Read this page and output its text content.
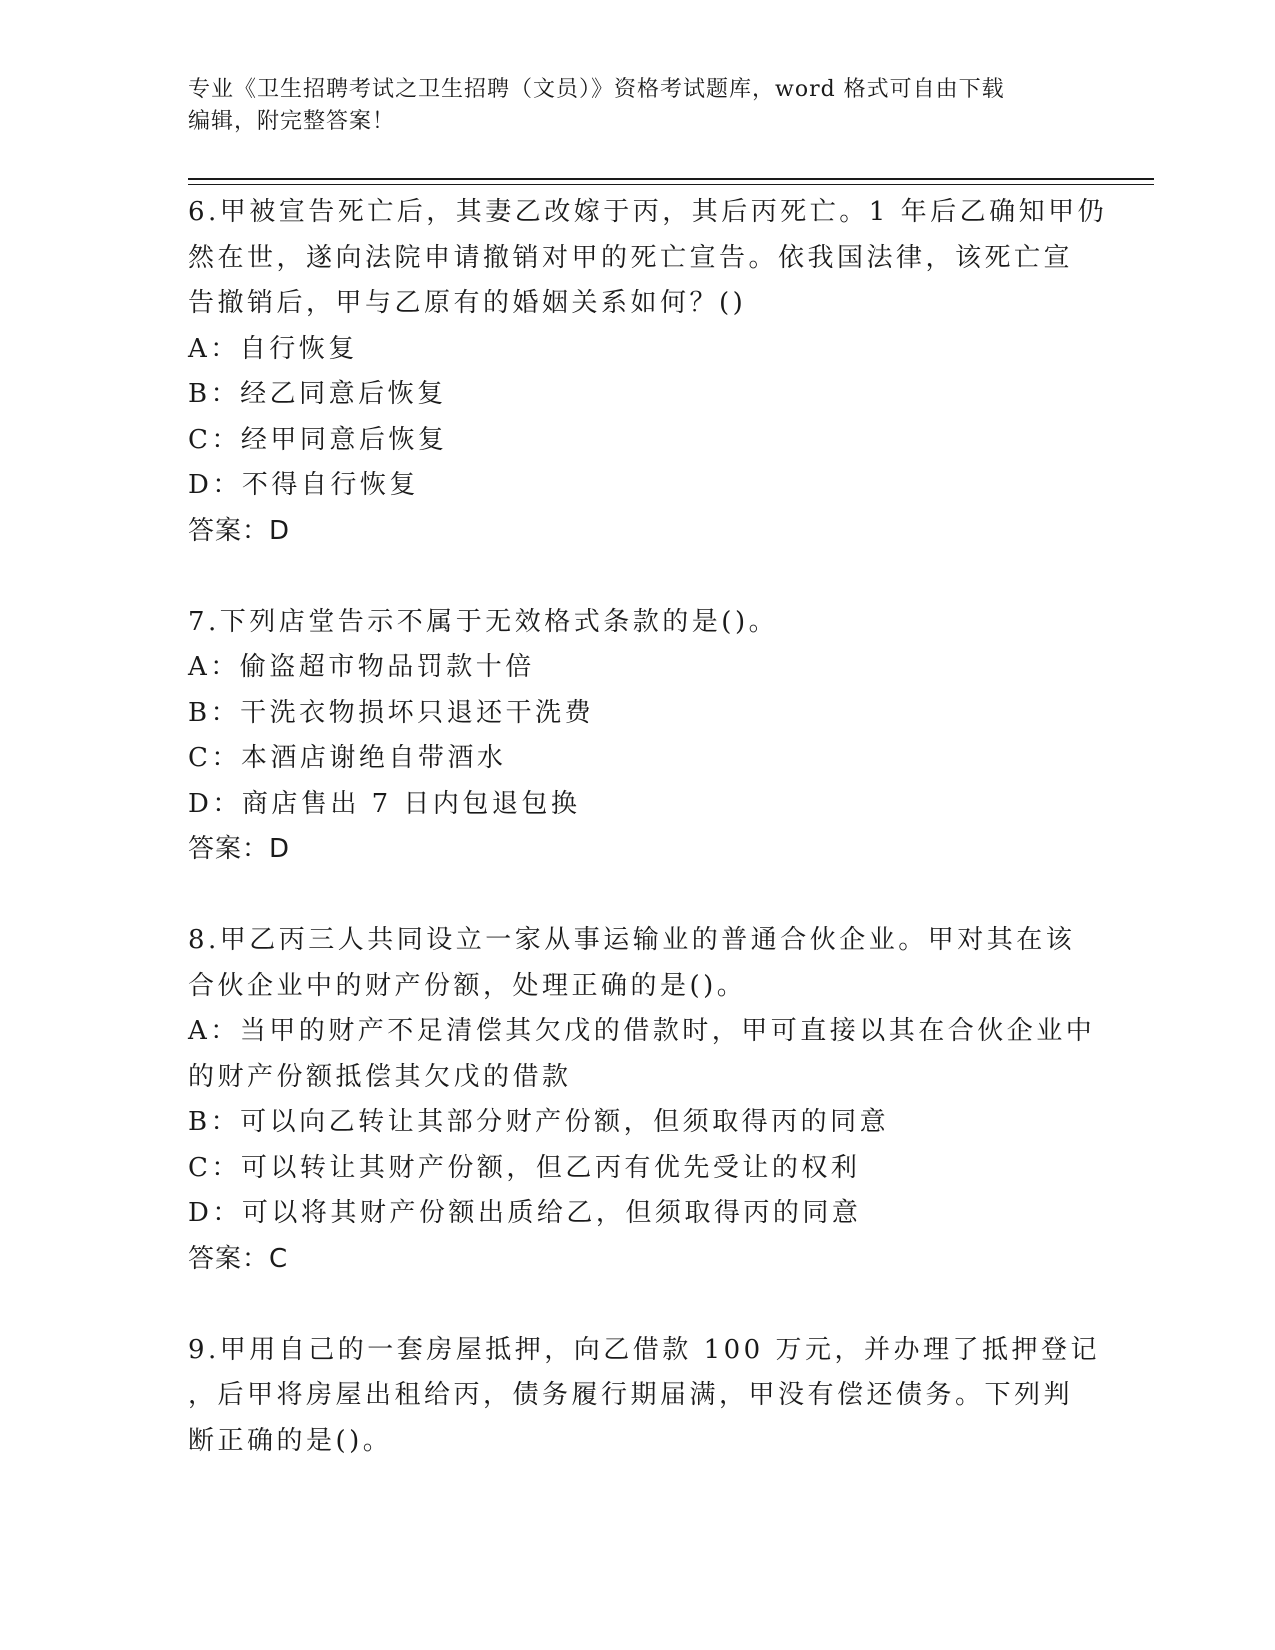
专业《卫生招聘考试之卫生招聘（文员）》资格考试题库，word 格式可自由下载
编辑，附完整答案！
6.甲被宣告死亡后，其妻乙改嫁于丙，其后丙死亡。1 年后乙确知甲仍
然在世，遂向法院申请撤销对甲的死亡宣告。依我国法律，该死亡宣
告撤销后，甲与乙原有的婚姻关系如何？()
A：自行恢复
B：经乙同意后恢复
C：经甲同意后恢复
D：不得自行恢复
答案：D
7.下列店堂告示不属于无效格式条款的是()。
A：偷盗超市物品罚款十倍
B：干洗衣物损坏只退还干洗费
C：本酒店谢绝自带酒水
D：商店售出 7 日内包退包换
答案：D
8.甲乙丙三人共同设立一家从事运输业的普通合伙企业。甲对其在该
合伙企业中的财产份额，处理正确的是()。
A：当甲的财产不足清偿其欠戊的借款时，甲可直接以其在合伙企业中
的财产份额抵偿其欠戊的借款
B：可以向乙转让其部分财产份额，但须取得丙的同意
C：可以转让其财产份额，但乙丙有优先受让的权利
D：可以将其财产份额出质给乙，但须取得丙的同意
答案：C
9.甲用自己的一套房屋抵押，向乙借款 100 万元，并办理了抵押登记
，后甲将房屋出租给丙，债务履行期届满，甲没有偿还债务。下列判
断正确的是()。
